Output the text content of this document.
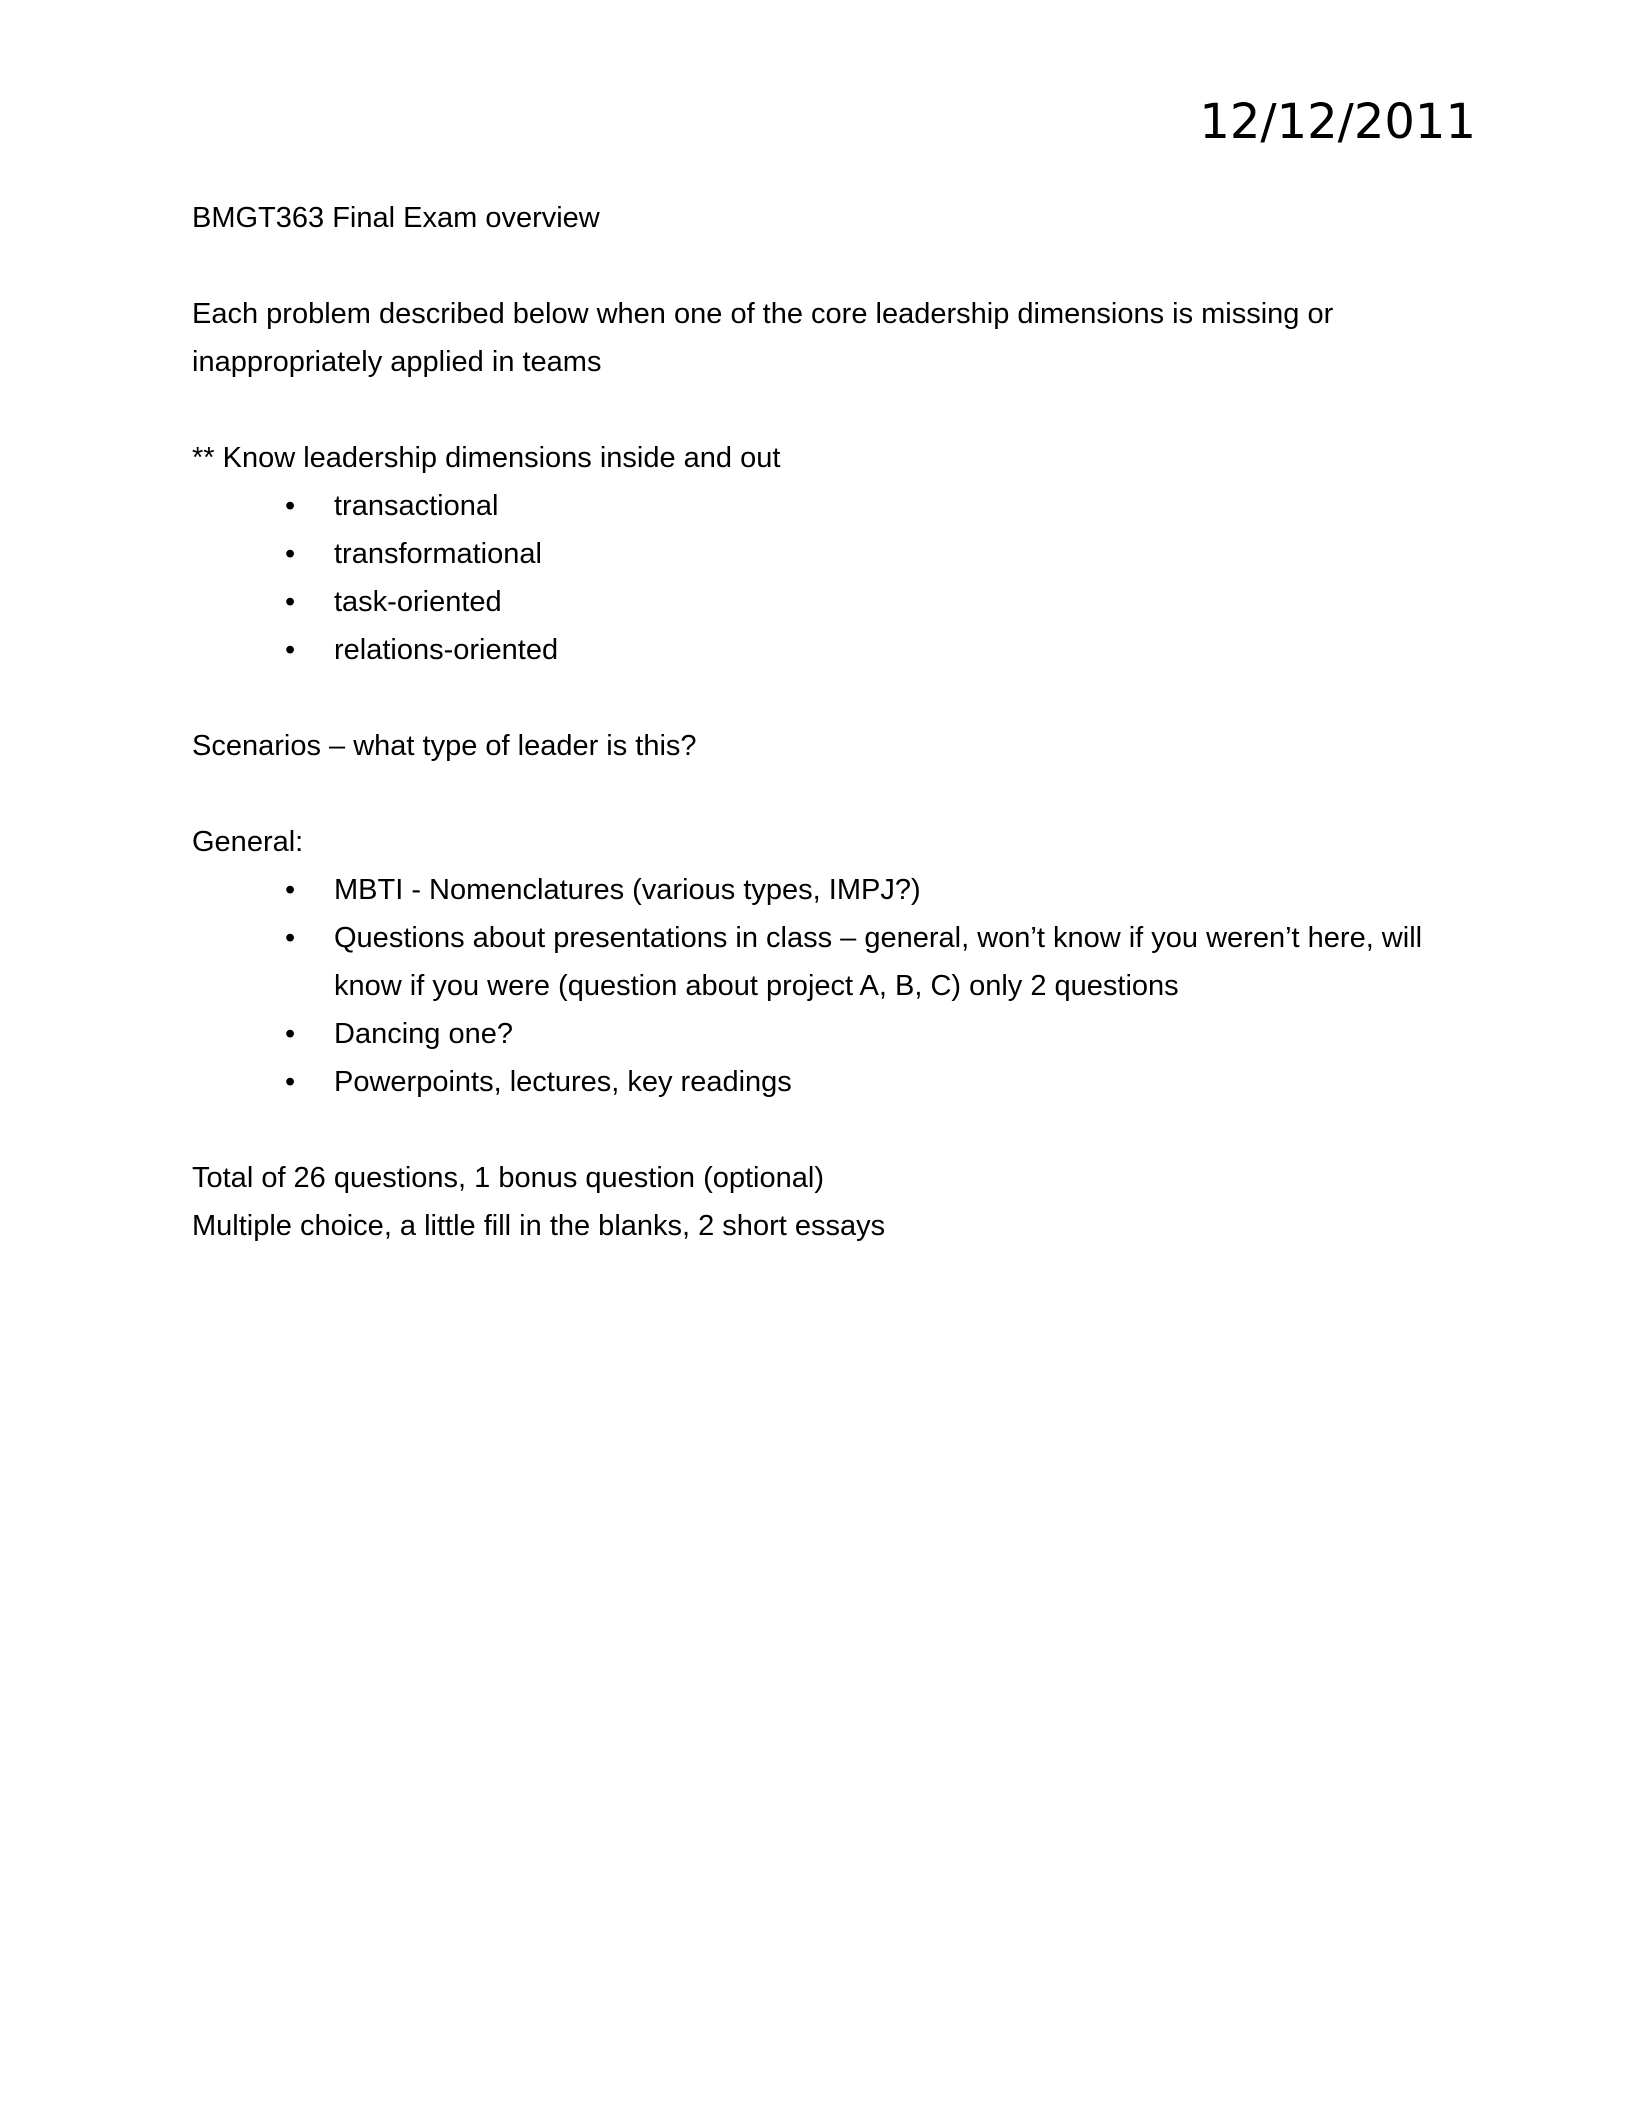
12/12/2011

BMGT363 Final Exam overview

Each problem described below when one of the core leadership dimensions is missing or inappropriately applied in teams

** Know leadership dimensions inside and out

• transactional
• transformational
• task-oriented
• relations-oriented

Scenarios – what type of leader is this?

General:

• MBTI - Nomenclatures (various types, IMPJ?)
• Questions about presentations in class – general, won’t know if you weren’t here, will know if you were (question about project A, B, C) only 2 questions
• Dancing one?
• Powerpoints, lectures, key readings

Total of 26 questions, 1 bonus question (optional)

Multiple choice, a little fill in the blanks, 2 short essays
